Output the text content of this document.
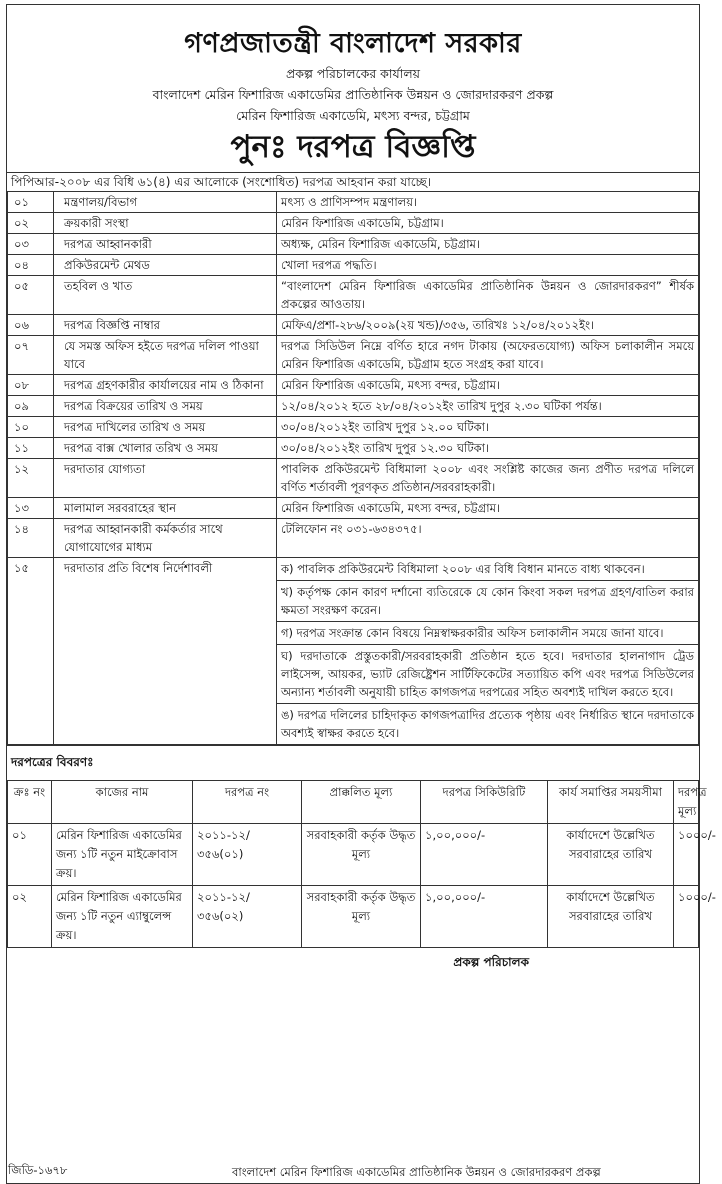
গণপ্রজাতন্ত্রী বাংলাদেশ সরকার
প্রকল্প পরিচালকের কার্যালয়
বাংলাদেশ মেরিন ফিশারিজ একাডেমির প্রাতিষ্ঠানিক উন্নয়ন ও জোরদারকরণ প্রকল্প
মেরিন ফিশারিজ একাডেমি, মৎস্য বন্দর, চট্টগ্রাম
পুনঃ দরপত্র বিজ্ঞপ্তি
পিপিআর-২০০৮ এর বিধি ৬১(৪) এর আলোকে (সংশোধিত) দরপত্র আহবান করা যাচ্ছে।
০১	মন্ত্রণালয়/বিভাগ	মৎস্য ও প্রাণিসম্পদ মন্ত্রণালয়।
০২	ক্রয়কারী সংস্থা	মেরিন ফিশারিজ একাডেমি, চট্টগ্রাম।
০৩	দরপত্র আহ্বানকারী	অধ্যক্ষ, মেরিন ফিশারিজ একাডেমি, চট্টগ্রাম।
০৪	প্রকিউরমেন্ট মেথড	খোলা দরপত্র পদ্ধতি।
০৫	তহবিল ও খাত	“বাংলাদেশ মেরিন ফিশারিজ একাডেমির প্রাতিষ্ঠানিক উন্নয়ন ও জোরদারকরণ” শীর্ষক প্রকল্পের আওতায়।
০৬	দরপত্র বিজ্ঞপ্তি নাম্বার	মেফিএ/প্রশা-২৮৬/২০০৯(২য় খন্ড)/৩৫৬, তারিখঃ ১২/০৪/২০১২ইং।
০৭	যে সমস্ত অফিস হইতে দরপত্র দলিল পাওয়া যাবে	দরপত্র সিডিউল নিম্নে বর্ণিত হারে নগদ টাকায় (অফেরতযোগ্য) অফিস চলাকালীন সময়ে মেরিন ফিশারিজ একাডেমি, চট্টগ্রাম হতে সংগ্রহ করা যাবে।
০৮	দরপত্র গ্রহণকারীর কার্যালয়ের নাম ও ঠিকানা	মেরিন ফিশারিজ একাডেমি, মৎস্য বন্দর, চট্টগ্রাম।
০৯	দরপত্র বিক্রয়ের তারিখ ও সময়	১২/০৪/২০১২ হতে ২৮/০৪/২০১২ইং তারিখ দুপুর ২.৩০ ঘটিকা পর্যন্ত।
১০	দরপত্র দাখিলের তারিখ ও সময়	৩০/০৪/২০১২ইং তারিখ দুপুর ১২.০০ ঘটিকা।
১১	দরপত্র বাক্স খোলার তরিখ ও সময়	৩০/০৪/২০১২ইং তারিখ দুপুর ১২.৩০ ঘটিকা।
১২	দরদাতার যোগ্যতা	পাবলিক প্রকিউরমেন্ট বিধিমালা ২০০৮ এবং সংশ্লিষ্ট কাজের জন্য প্রণীত দরপত্র দলিলে বর্ণিত শর্তাবলী পূরণকৃত প্রতিষ্ঠান/সরবরাহকারী।
১৩	মালামাল সরবরাহের স্থান	মেরিন ফিশারিজ একাডেমি, মৎস্য বন্দর, চট্টগ্রাম।
১৪	দরপত্র আহ্বানকারী কর্মকর্তার সাথে যোগাযোগের মাধ্যম	টেলিফোন নং ০৩১-৬৩৪৩৭৫।
১৫	দরদাতার প্রতি বিশেষ নির্দেশাবলী	ক) পাবলিক প্রকিউরমেন্ট বিধিমালা ২০০৮ এর বিধি বিধান মানতে বাধ্য থাকবেন।
খ) কর্তৃপক্ষ কোন কারণ দর্শানো ব্যতিরেকে যে কোন কিংবা সকল দরপত্র গ্রহণ/বাতিল করার ক্ষমতা সংরক্ষণ করেন।
গ) দরপত্র সংক্রান্ত কোন বিষয়ে নিম্নস্বাক্ষরকারীর অফিস চলাকালীন সময়ে জানা যাবে।
ঘ) দরদাতাকে প্রস্তুতকারী/সরবরাহকারী প্রতিষ্ঠান হতে হবে। দরদাতার হালনাগাদ ট্রেড লাইসেন্স, আয়কর, ভ্যাট রেজিষ্ট্রেশন সার্টিফিকেটের সত্যায়িত কপি এবং দরপত্র সিডিউলের অন্যান্য শর্তাবলী অনুযায়ী চাহিত কাগজপত্র দরপত্রের সহিত অবশ্যই দাখিল করতে হবে।
ঙ) দরপত্র দলিলের চাহিদাকৃত কাগজপত্রাদির প্রত্যেক পৃষ্ঠায় এবং নির্ধারিত স্থানে দরদাতাকে অবশ্যই স্বাক্ষর করতে হবে।
দরপত্রের বিবরণঃ
ক্রঃ নং	কাজের নাম	দরপত্র নং	প্রাক্কলিত মূল্য	দরপত্র সিকিউরিটি	কার্য সমাপ্তির সময়সীমা	দরপত্র মূল্য
০১	মেরিন ফিশারিজ একাডেমির জন্য ১টি নতুন মাইক্রোবাস ক্রয়।	২০১১-১২/ ৩৫৬(০১)	সরবাহকারী কর্তৃক উদ্ধৃত মূল্য	১,০০,০০০/-	কার্যাদেশে উল্লেখিত সরবারাহের তারিখ	১০০০/-
০২	মেরিন ফিশারিজ একাডেমির জন্য ১টি নতুন এ্যাম্বুলেন্স ক্রয়।	২০১১-১২/ ৩৫৬(০২)	সরবাহকারী কর্তৃক উদ্ধৃত মূল্য	১,০০,০০০/-	কার্যাদেশে উল্লেখিত সরবারাহের তারিখ	১০০০/-
প্রকল্প পরিচালক
জিডি-১৬৭৮	বাংলাদেশ মেরিন ফিশারিজ একাডেমির প্রাতিষ্ঠানিক উন্নয়ন ও জোরদারকরণ প্রকল্প
